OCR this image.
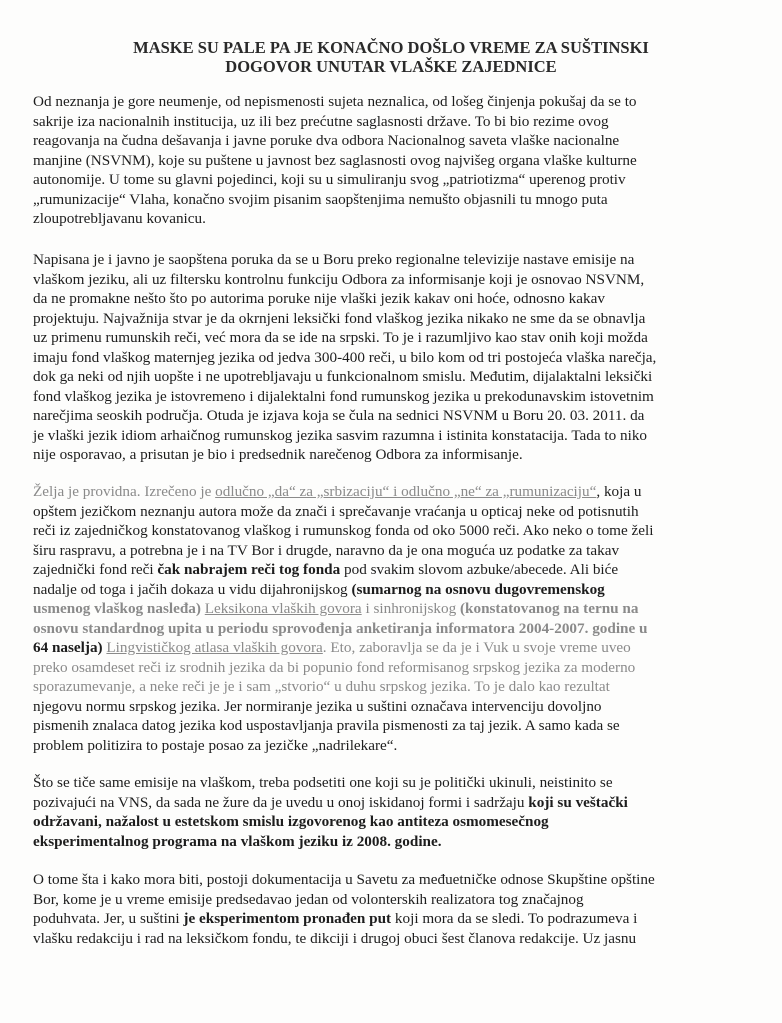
MASKE SU PALE PA JE KONAČNO DOŠLO VREME ZA SUŠTINSKI
DOGOVOR UNUTAR VLAŠKE ZAJEDNICE
Od neznanja je gore neumenje, od nepismenosti sujeta neznalica, od lošeg činjenja pokušaj da se to
sakrije iza nacionalnih institucija, uz ili bez prećutne saglasnosti države. To bi bio rezime ovog
reagovanja na čudna dešavanja i javne poruke dva odbora Nacionalnog saveta vlaške nacionalne
manjine (NSVNM), koje su puštene u javnost bez saglasnosti ovog najvišeg organa vlaške kulturne
autonomije. U tome su glavni pojedinci, koji su u simuliranju svog „patriotizma“ uperenog protiv
„rumunizacije“ Vlaha, konačno svojim pisanim saopštenjima nemušto objasnili tu mnogo puta
zloupotrebljavanu kovanicu.
Napisana je i javno je saopštena poruka da se u Boru preko regionalne televizije nastave emisije na
vlaškom jeziku, ali uz filtersku kontrolnu funkciju Odbora za informisanje koji je osnovao NSVNM,
da ne promakne nešto što po autorima poruke nije vlaški jezik kakav oni hoće, odnosno kakav
projektuju. Najvažnija stvar je da okrnjeni leksički fond vlaškog jezika nikako ne sme da se obnavlja
uz primenu rumunskih reči, već mora da se ide na srpski. To je i razumljivo kao stav onih koji možda
imaju fond vlaškog maternjeg jezika od jedva 300-400 reči, u bilo kom od tri postojeća vlaška narečja,
dok ga neki od njih uopšte i ne upotrebljavaju u funkcionalnom smislu. Međutim, dijalaktalni leksički
fond vlaškog jezika je istovremeno i dijalektalni fond rumunskog jezika u prekodunavskim istovetnim
narečjima seoskih područja. Otuda je izjava koja se čula na sednici NSVNM u Boru 20. 03. 2011. da
je vlaški jezik idiom arhaičnog rumunskog jezika sasvim razumna i istinita konstatacija. Tada to niko
nije osporavao, a prisutan je bio i predsednik narečenog Odbora za informisanje.
Želja je providna. Izrečeno je odlučno „da“ za „srbizaciju“ i odlučno „ne“ za „rumunizaciju“, koja u
opštem jezičkom neznanju autora može da znači i sprečavanje vraćanja u opticaj neke od potisnutih
reči iz zajedničkog konstatovanog vlaškog i rumunskog fonda od oko 5000 reči. Ako neko o tome želi
širu raspravu, a potrebna je i na TV Bor i drugde, naravno da je ona moguća uz podatke za takav
zajednički fond reči čak nabrajem reči tog fonda pod svakim slovom azbuke/abecede. Ali biće
nadalje od toga i jačih dokaza u vidu dijahronijskog (sumarnog na osnovu dugovremenskog
usmenog vlaškog nasleđa) Leksikona vlaških govora i sinhronijskog (konstatovanog na ternu na
osnovu standardnog upita u periodu sprovođenja anketiranja informatora 2004-2007. godine u
64 naselja) Lingvističkog atlasa vlaških govora. Eto, zaboravlja se da je i Vuk u svoje vreme uveo
preko osamdeset reči iz srodnih jezika da bi popunio fond reformisanog srpskog jezika za moderno
sporazumevanje, a neke reči je je i sam „stvorio“ u duhu srpskog jezika. To je dalo kao rezultat
njegovu normu srpskog jezika. Jer normiranje jezika u suštini označava intervenciju dovoljno
pismenih znalaca datog jezika kod uspostavljanja pravila pismenosti za taj jezik. A samo kada se
problem politizira to postaje posao za jezičke „nadrilekare“.
Što se tiče same emisije na vlaškom, treba podsetiti one koji su je politički ukinuli, neistinito se
pozivajući na VNS, da sada ne žure da je uvedu u onoj iskidanoj formi i sadržaju koji su veštački
održavani, nažalost u estetskom smislu izgovorenog kao antiteza osmomesečnog
eksperimentalnog programa na vlaškom jeziku iz 2008. godine.
O tome šta i kako mora biti, postoji dokumentacija u Savetu za međuetničke odnose Skupštine opštine
Bor, kome je u vreme emisije predsedavao jedan od volonterskih realizatora tog značajnog
poduhvata. Jer, u suštini je eksperimentom pronađen put koji mora da se sledi. To podrazumeva i
vlašku redakciju i rad na leksičkom fondu, te dikciji i drugoj obuci šest članova redakcije. Uz jasnu
